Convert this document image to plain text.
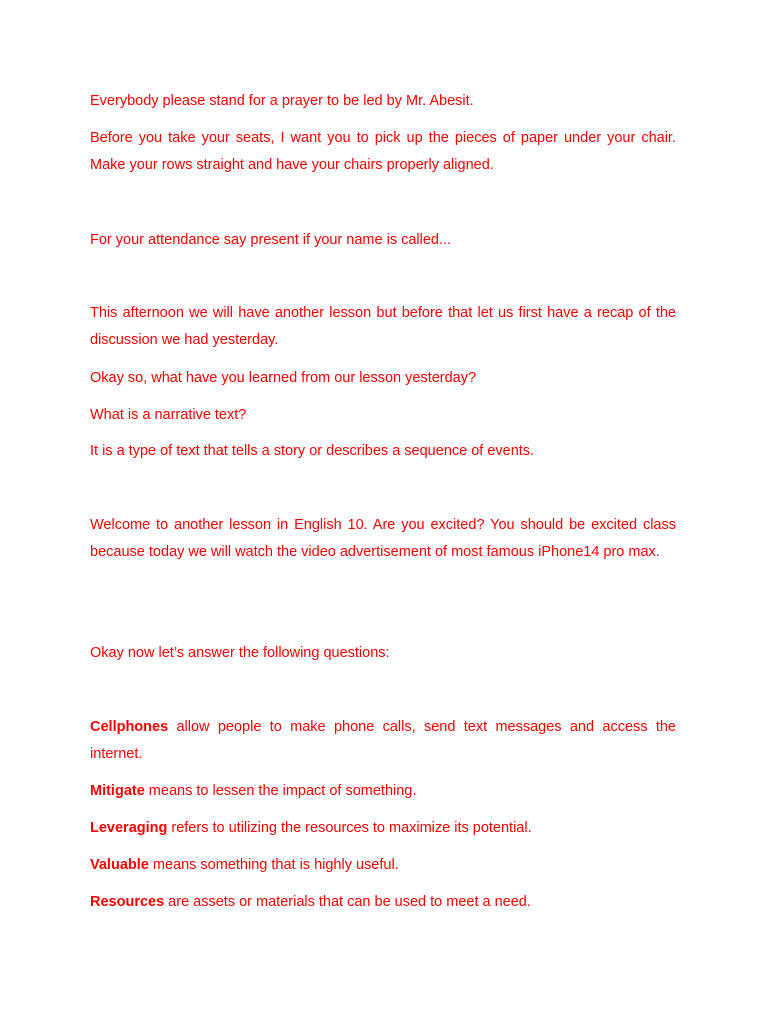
Everybody please stand for a prayer to be led by Mr. Abesit.

Before you take your seats, I want you to pick up the pieces of paper under your chair. Make your rows straight and have your chairs properly aligned.

For your attendance say present if your name is called...

This afternoon we will have another lesson but before that let us first have a recap of the discussion we had yesterday.

Okay so, what have you learned from our lesson yesterday?

What is a narrative text?

It is a type of text that tells a story or describes a sequence of events.

Welcome to another lesson in English 10. Are you excited? You should be excited class because today we will watch the video advertisement of most famous iPhone14 pro max.

Okay now let’s answer the following questions:

Cellphones allow people to make phone calls, send text messages and access the internet.

Mitigate means to lessen the impact of something.

Leveraging refers to utilizing the resources to maximize its potential.

Valuable means something that is highly useful.

Resources are assets or materials that can be used to meet a need.
